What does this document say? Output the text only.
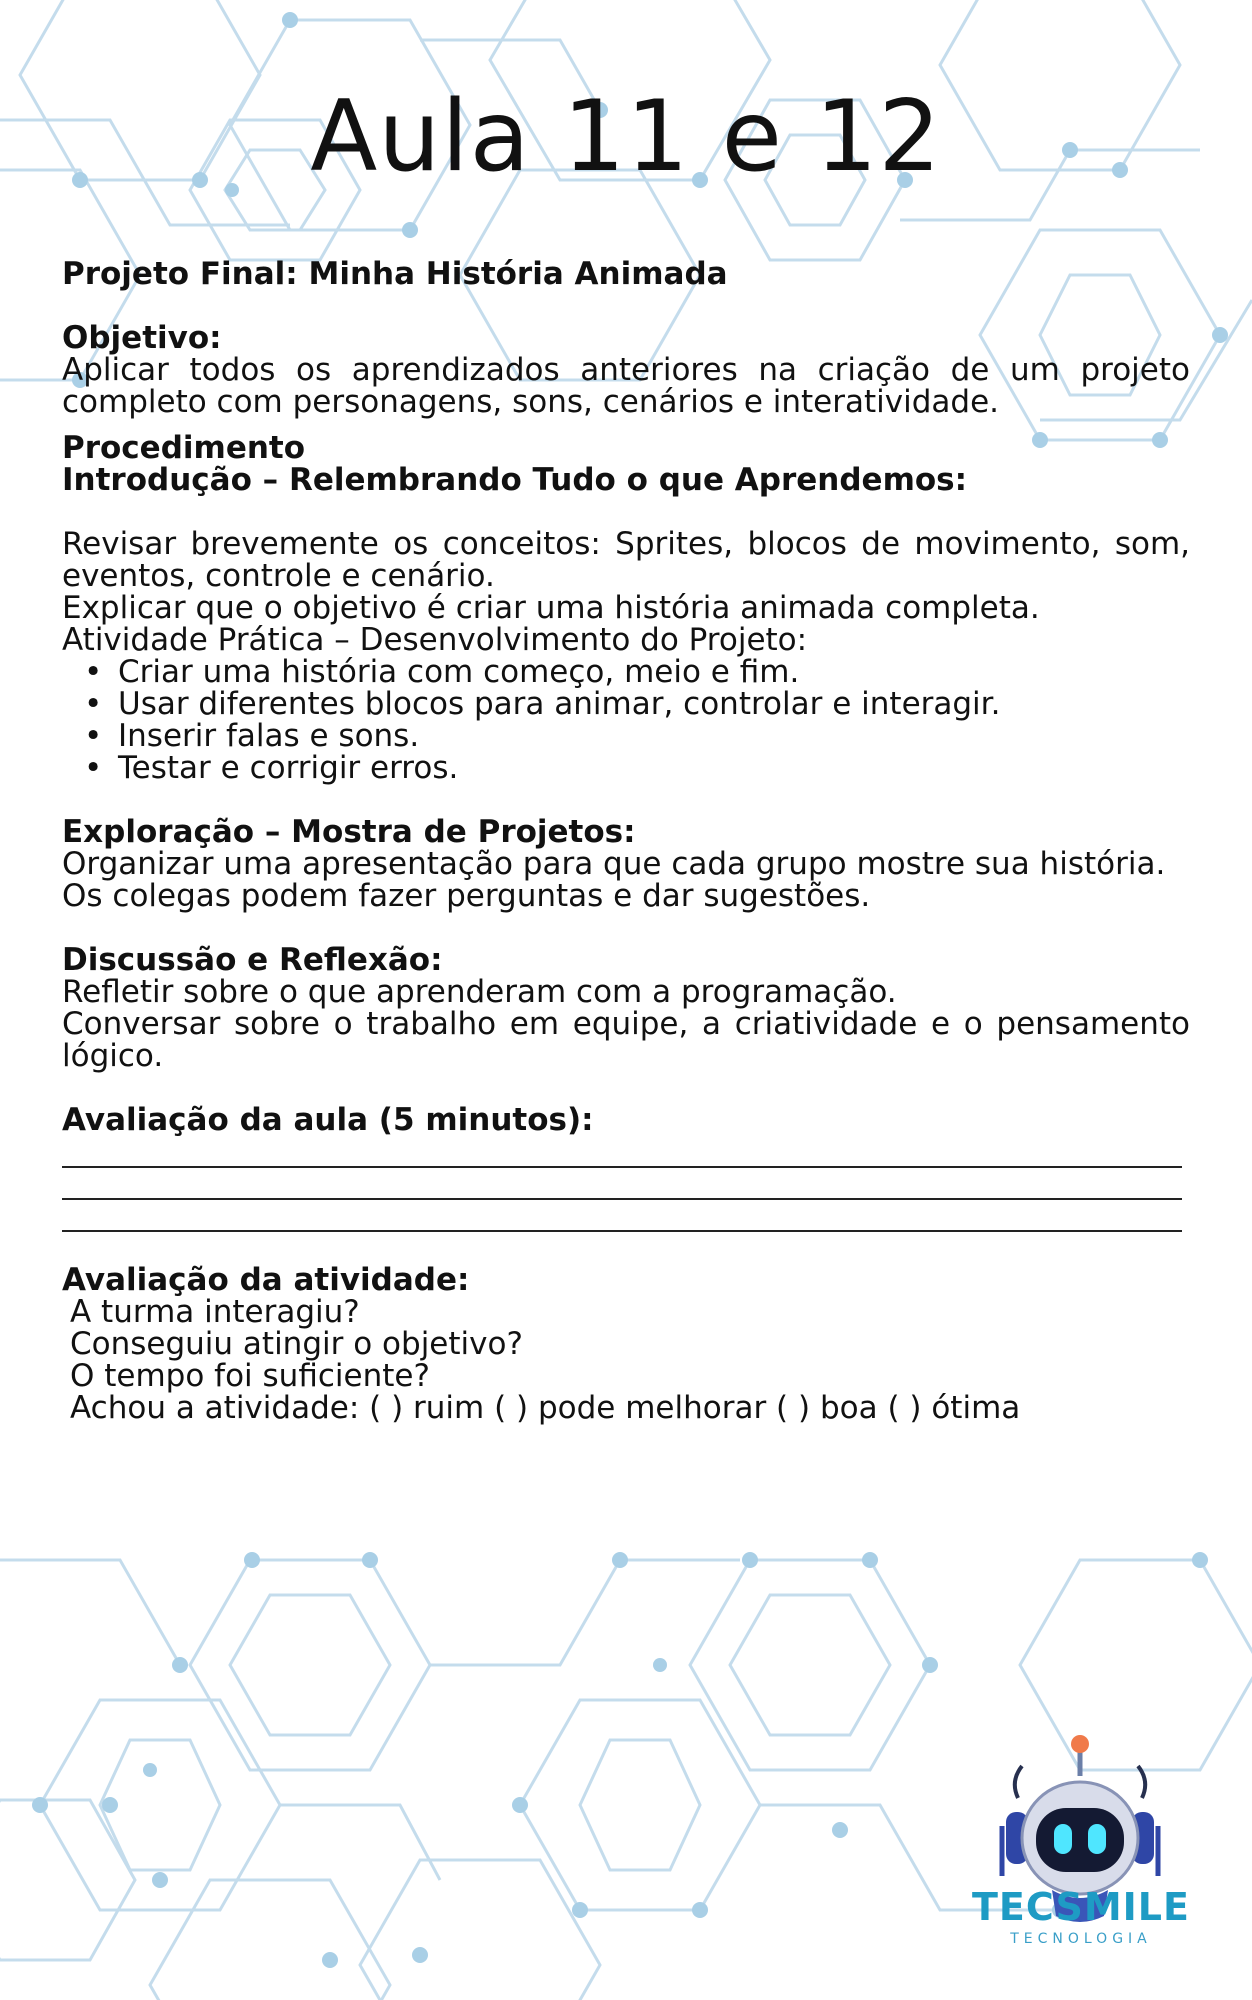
Aula 11 e 12

Projeto Final: Minha História Animada

Objetivo:

Aplicar todos os aprendizados anteriores na criação de um projeto completo com personagens, sons, cenários e interatividade.

Procedimento

Introdução – Relembrando Tudo o que Aprendemos:

Revisar brevemente os conceitos: Sprites, blocos de movimento, som, eventos, controle e cenário.

Explicar que o objetivo é criar uma história animada completa.

Atividade Prática – Desenvolvimento do Projeto:

• Criar uma história com começo, meio e fim.
• Usar diferentes blocos para animar, controlar e interagir.
• Inserir falas e sons.
• Testar e corrigir erros.

Exploração – Mostra de Projetos:

Organizar uma apresentação para que cada grupo mostre sua história.

Os colegas podem fazer perguntas e dar sugestões.

Discussão e Reflexão:

Refletir sobre o que aprenderam com a programação.

Conversar sobre o trabalho em equipe, a criatividade e o pensamento lógico.

Avaliação da aula (5 minutos):

Avaliação da atividade:

A turma interagiu?

Conseguiu atingir o objetivo?

O tempo foi suficiente?

Achou a atividade: ( ) ruim ( ) pode melhorar ( ) boa ( ) ótima

TECSMILE
TECNOLOGIA
